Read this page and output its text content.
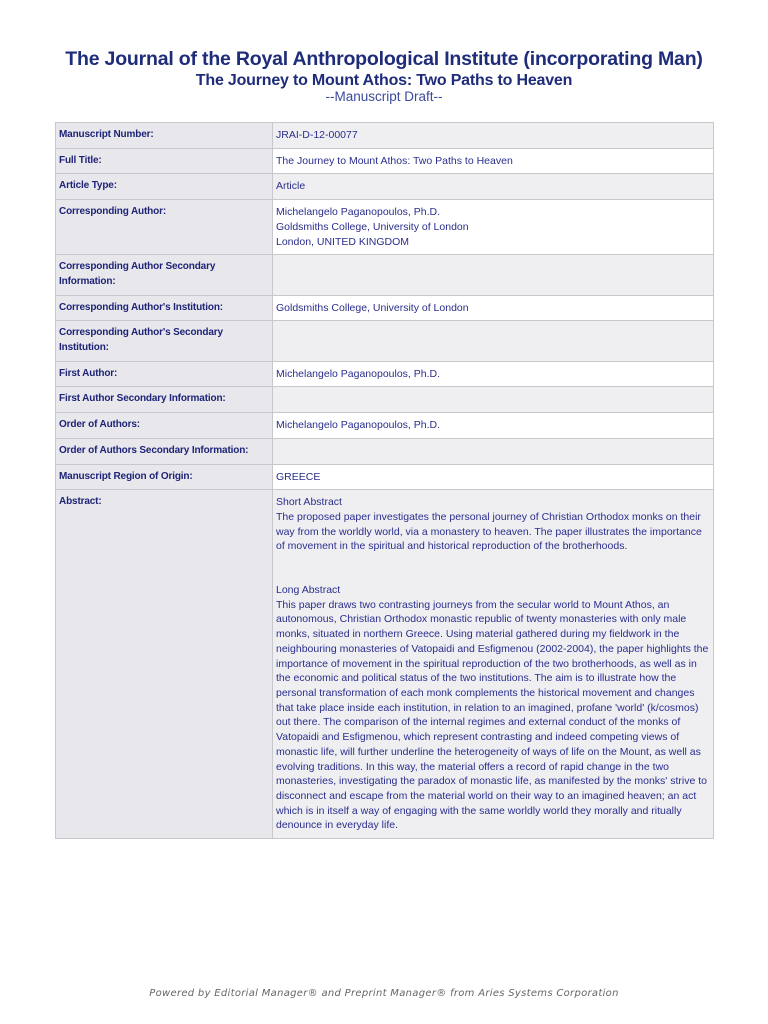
The Journal of the Royal Anthropological Institute (incorporating Man)
The Journey to Mount Athos: Two Paths to Heaven

--Manuscript Draft--

Manuscript Number:	JRAI-D-12-00077
Full Title:	The Journey to Mount Athos: Two Paths to Heaven
Article Type:	Article
Corresponding Author:	Michelangelo Paganopoulos, Ph.D.
Goldsmiths College, University of London
London, UNITED KINGDOM

Corresponding Author Secondary Information:	
Corresponding Author's Institution:	Goldsmiths College, University of London
Corresponding Author's Secondary Institution:	
First Author:	Michelangelo Paganopoulos, Ph.D.
First Author Secondary Information:	
Order of Authors:	Michelangelo Paganopoulos, Ph.D.
Order of Authors Secondary Information:	
Manuscript Region of Origin:	GREECE
Abstract:	Short Abstract
The proposed paper investigates the personal journey of Christian Orthodox monks on their way from the worldly world, via a monastery to heaven. The paper illustrates the importance of movement in the spiritual and historical reproduction of the brotherhoods.
Long Abstract
This paper draws two contrasting journeys from the secular world to Mount Athos, an autonomous, Christian Orthodox monastic republic of twenty monasteries with only male monks, situated in northern Greece. Using material gathered during my fieldwork in the neighbouring monasteries of Vatopaidi and Esfigmenou (2002-2004), the paper highlights the importance of movement in the spiritual reproduction of the two brotherhoods, as well as in the economic and political status of the two institutions. The aim is to illustrate how the personal transformation of each monk complements the historical movement and changes that take place inside each institution, in relation to an imagined, profane 'world' (k/cosmos) out there. The comparison of the internal regimes and external conduct of the monks of Vatopaidi and Esfigmenou, which represent contrasting and indeed competing views of monastic life, will further underline the heterogeneity of ways of life on the Mount, as well as evolving traditions. In this way, the material offers a record of rapid change in the two monasteries, investigating the paradox of monastic life, as manifested by the monks' strive to disconnect and escape from the material world on their way to an imagined heaven; an act which is in itself a way of engaging with the same worldly world they morally and ritually denounce in everyday life.
Powered by Editorial Manager® and Preprint Manager® from Aries Systems Corporation
